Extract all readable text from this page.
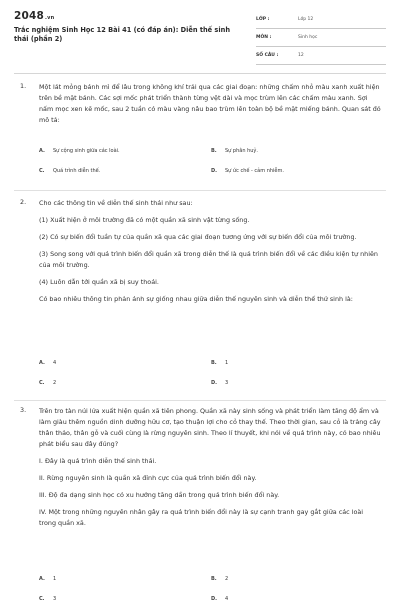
2048.vn
Trắc nghiệm Sinh Học 12 Bài 41 (có đáp án): Diễn thế sinh thái (phần 2)
LỚP :	Lớp 12
MÔN :	Sinh học
SỐ CÂU :	12
1. Một lát mỏng bánh mì để lâu trong không khí trải qua các giai đoạn: những chấm nhỏ màu xanh xuất hiện trên bề mặt bánh. Các sợi mốc phát triển thành từng vệt dài và mọc trùm lên các chấm màu xanh. Sợi nấm mọc xen kẽ mốc, sau 2 tuần có màu vàng nâu bao trùm lên toàn bộ bề mặt miếng bánh. Quan sát đó mô tả:

A. Sự cộng sinh giữa các loài.	B. Sự phân huỷ.
C. Quá trình diễn thế.	D. Sự ức chế - cảm nhiễm.
2. Cho các thông tin về diễn thế sinh thái như sau:

(1) Xuất hiện ở môi trường đã có một quần xã sinh vật từng sống.

(2) Có sự biến đổi tuần tự của quần xã qua các giai đoạn tương ứng với sự biến đổi của môi trường.

(3) Song song với quá trình biến đổi quần xã trong diễn thế là quá trình biến đổi về các điều kiện tự nhiên của môi trường.

(4) Luôn dẫn tới quần xã bị suy thoái.

Có bao nhiêu thông tin phản ánh sự giống nhau giữa diễn thế nguyên sinh và diễn thế thứ sinh là:

A. 4	B. 1
C. 2	D. 3
3. Trên tro tàn núi lửa xuất hiện quần xã tiên phong. Quần xã này sinh sống và phát triển làm tăng độ ẩm và làm giàu thêm nguồn dinh dưỡng hữu cơ, tạo thuận lợi cho cỏ thay thế. Theo thời gian, sau cỏ là trảng cây thân thảo, thân gỗ và cuối cùng là rừng nguyên sinh. Theo lí thuyết, khi nói về quá trình này, có bao nhiêu phát biểu sau đây đúng?

I. Đây là quá trình diễn thế sinh thái.

II. Rừng nguyên sinh là quần xã đỉnh cực của quá trình biến đổi này.

III. Độ đa dạng sinh học có xu hướng tăng dần trong quá trình biến đổi này.

IV. Một trong những nguyên nhân gây ra quá trình biến đổi này là sự cạnh tranh gay gắt giữa các loài trong quần xã.

A. 1	B. 2
C. 3	D. 4
